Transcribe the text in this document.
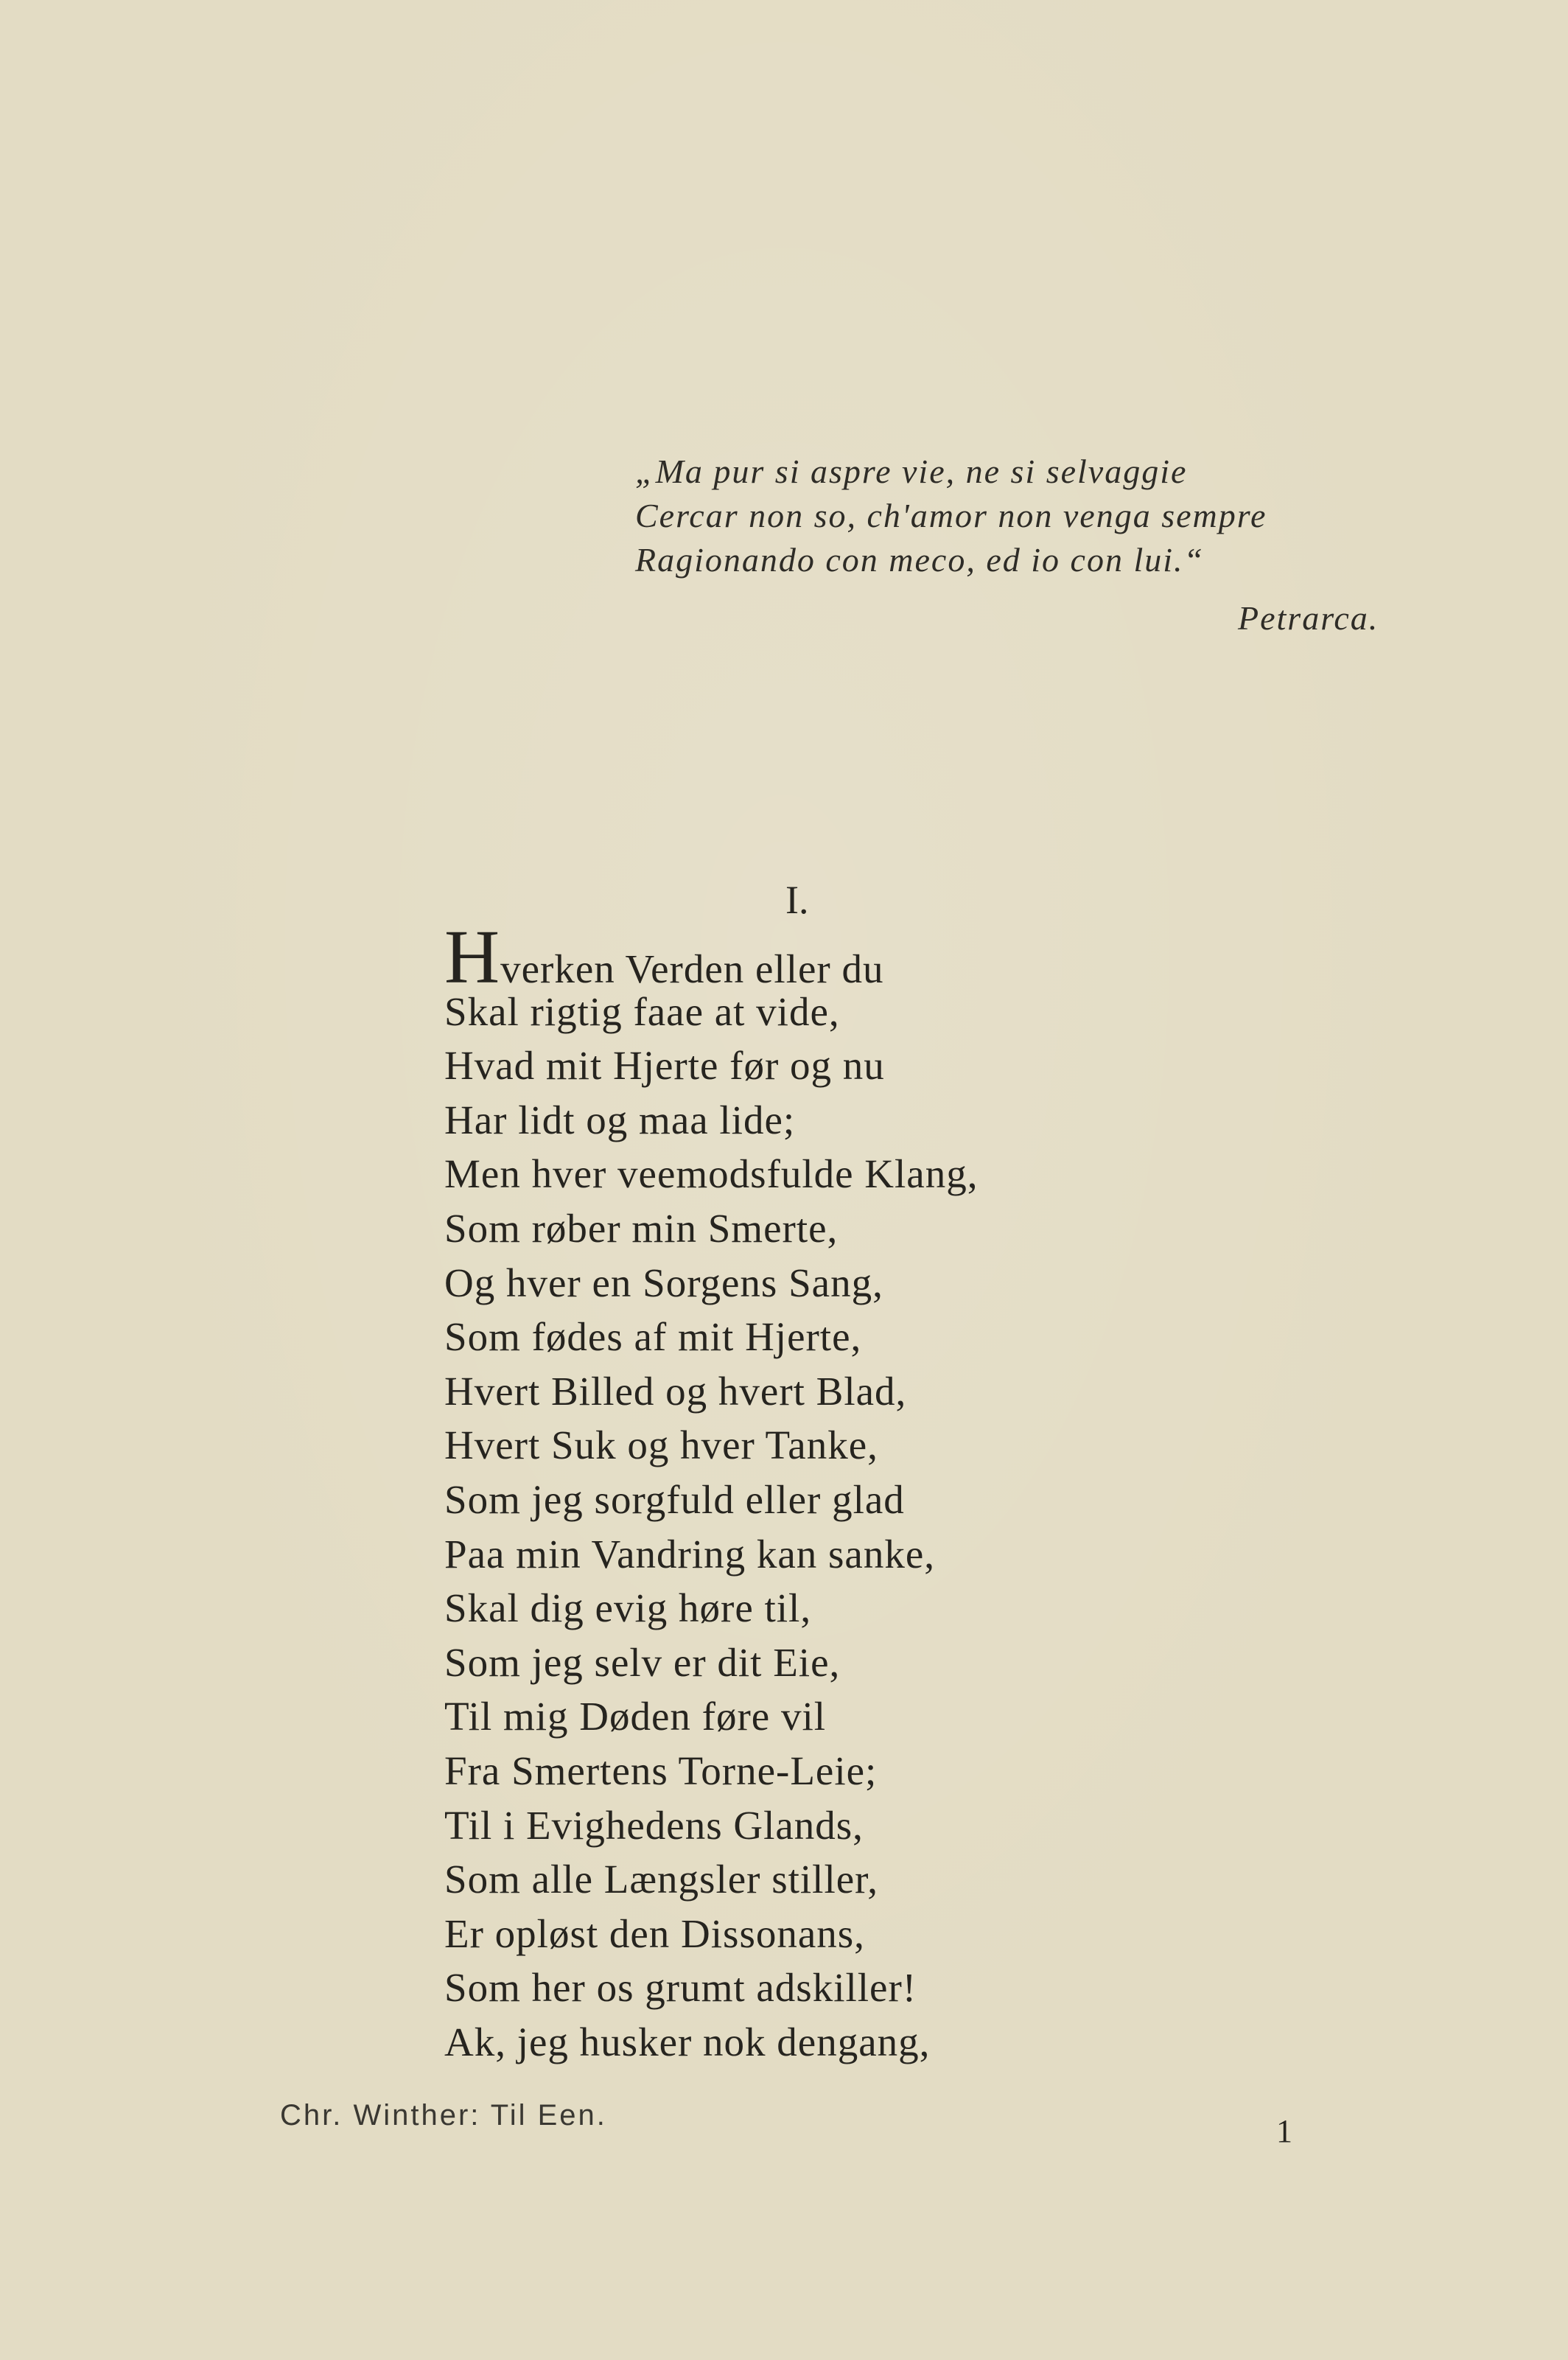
„Ma pur si aspre vie, ne si selvaggie
Cercar non so, ch'amor non venga sempre
Ragionando con meco, ed io con lui.“
Petrarca.
I.
Hverken Verden eller du
Skal rigtig faae at vide,
Hvad mit Hjerte før og nu
Har lidt og maa lide;
Men hver veemodsfulde Klang,
Som røber min Smerte,
Og hver en Sorgens Sang,
Som fødes af mit Hjerte,
Hvert Billed og hvert Blad,
Hvert Suk og hver Tanke,
Som jeg sorgfuld eller glad
Paa min Vandring kan sanke,
Skal dig evig høre til,
Som jeg selv er dit Eie,
Til mig Døden føre vil
Fra Smertens Torne-Leie;
Til i Evighedens Glands,
Som alle Længsler stiller,
Er opløst den Dissonans,
Som her os grumt adskiller!
Ak, jeg husker nok dengang,
Chr. Winther: Til Een.	1
